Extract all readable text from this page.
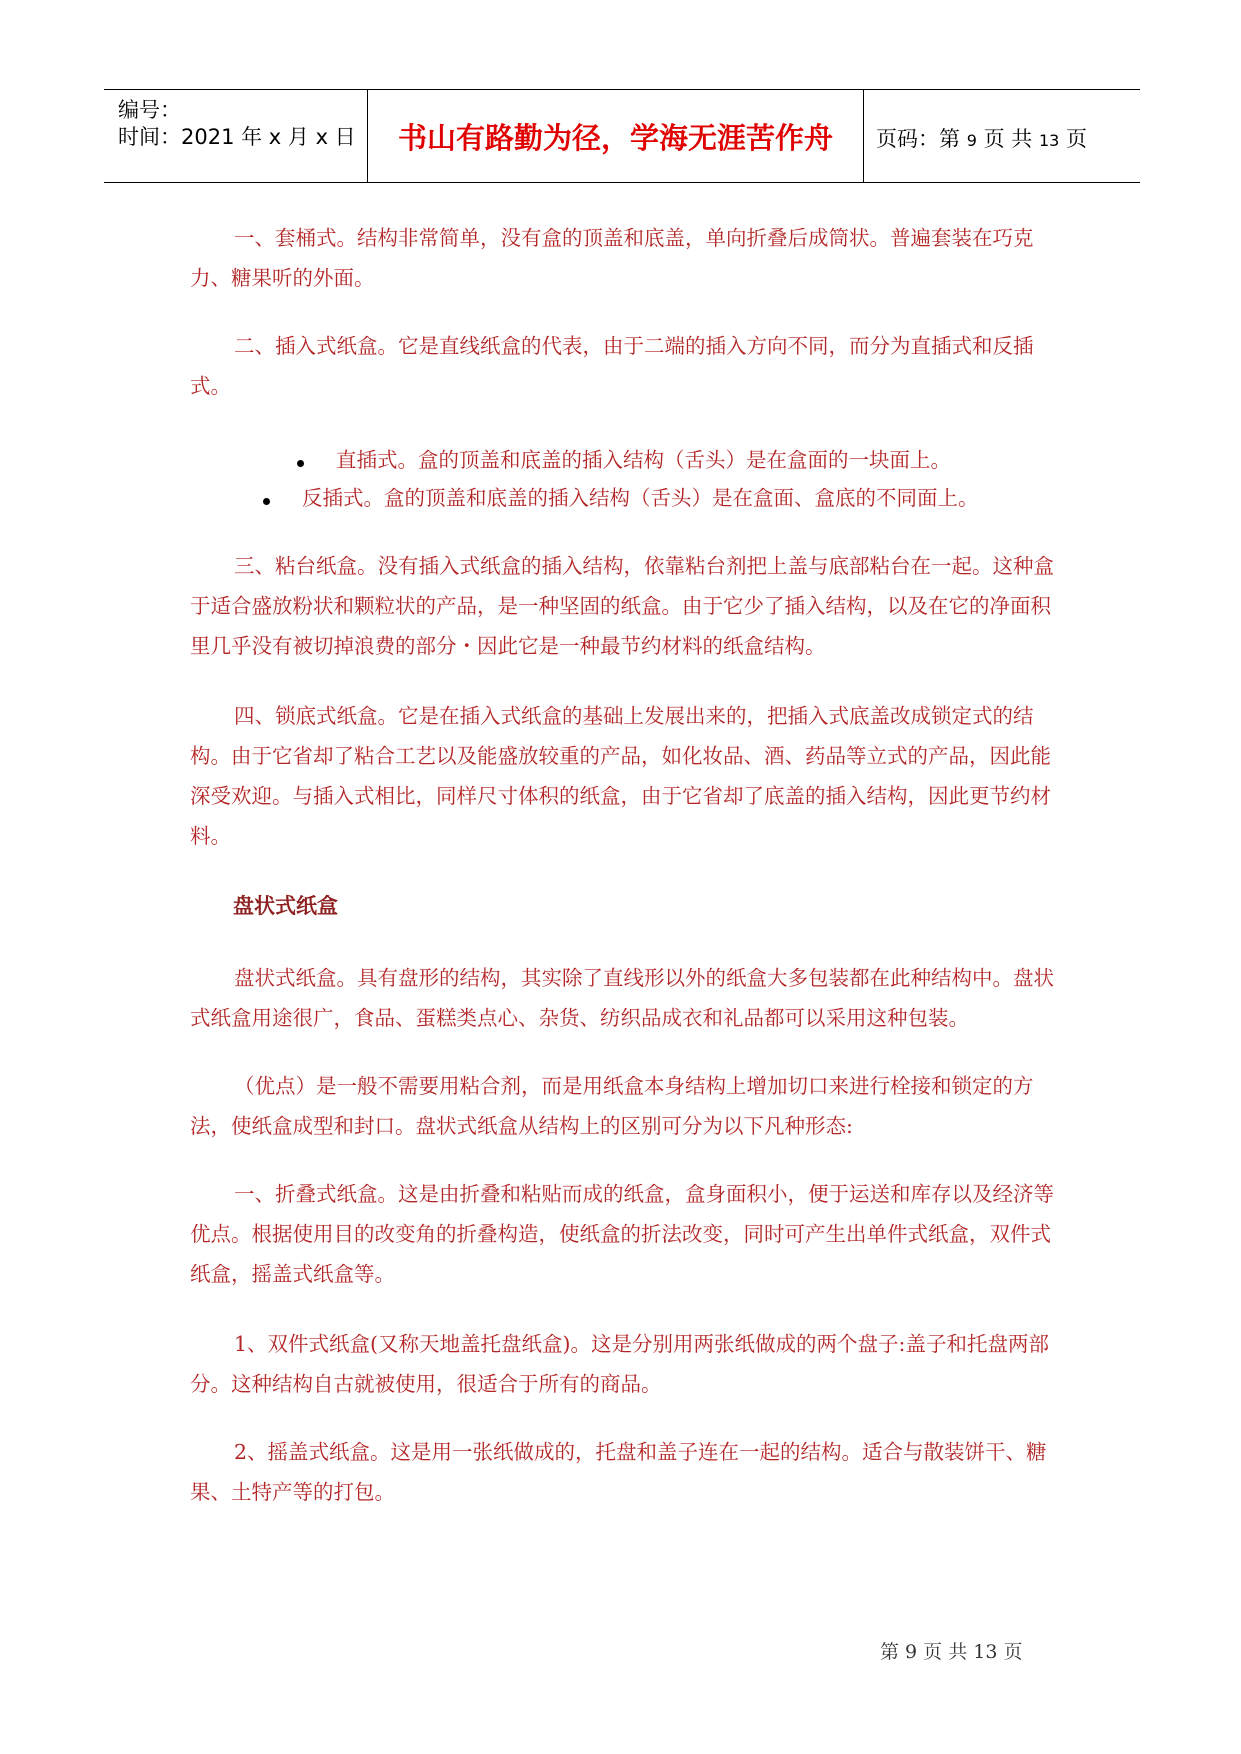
编号：
时间：2021 年 x 月 x 日	书山有路勤为径，学海无涯苦作舟	页码：第 9 页 共 13 页

一、套桶式。结构非常简单，没有盒的顶盖和底盖，单向折叠后成筒状。普遍套装在巧克力、糖果听的外面。

二、插入式纸盒。它是直线纸盒的代表，由于二端的插入方向不同，而分为直插式和反插式。

直插式。盒的顶盖和底盖的插入结构（舌头）是在盒面的一块面上。
反插式。盒的顶盖和底盖的插入结构（舌头）是在盒面、盒底的不同面上。

三、粘台纸盒。没有插入式纸盒的插入结构，依靠粘台剂把上盖与底部粘台在一起。这种盒于适合盛放粉状和颗粒状的产品，是一种坚固的纸盒。由于它少了插入结构，以及在它的净面积里几乎没有被切掉浪费的部分・因此它是一种最节约材料的纸盒结构。

四、锁底式纸盒。它是在插入式纸盒的基础上发展出来的，把插入式底盖改成锁定式的结构。由于它省却了粘合工艺以及能盛放较重的产品，如化妆品、酒、药品等立式的产品，因此能深受欢迎。与插入式相比，同样尺寸体积的纸盒，由于它省却了底盖的插入结构，因此更节约材料。

盘状式纸盒

盘状式纸盒。具有盘形的结构，其实除了直线形以外的纸盒大多包装都在此种结构中。盘状式纸盒用途很广，食品、蛋糕类点心、杂货、纺织品成衣和礼品都可以采用这种包装。

（优点）是一般不需要用粘合剂，而是用纸盒本身结构上增加切口来进行栓接和锁定的方法，使纸盒成型和封口。盘状式纸盒从结构上的区别可分为以下凡种形态:

一、折叠式纸盒。这是由折叠和粘贴而成的纸盒，盒身面积小，便于运送和库存以及经济等优点。根据使用目的改变角的折叠构造，使纸盒的折法改变，同时可产生出单件式纸盒，双件式纸盒，摇盖式纸盒等。

1、双件式纸盒(又称天地盖托盘纸盒)。这是分别用两张纸做成的两个盘子:盖子和托盘两部分。这种结构自古就被使用，很适合于所有的商品。

2、摇盖式纸盒。这是用一张纸做成的，托盘和盖子连在一起的结构。适合与散装饼干、糖果、土特产等的打包。

第 9 页 共 13 页
